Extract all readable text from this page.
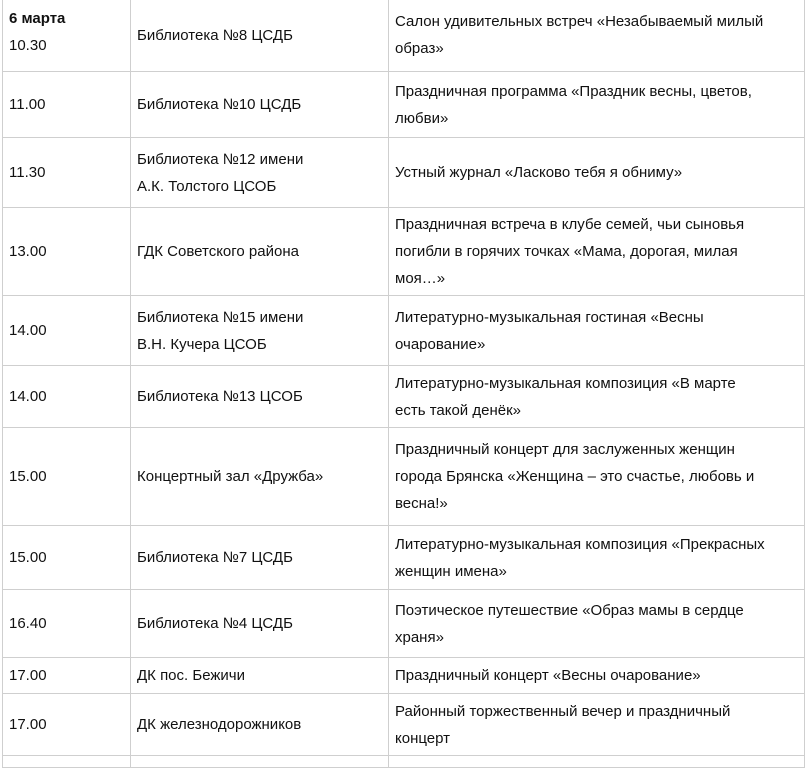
6 марта
10.30	Библиотека №8 ЦСДБ	Салон удивительных встреч «Незабываемый милый
образ»

11.00	Библиотека №10 ЦСДБ	Праздничная программа «Праздник весны, цветов,
любви»

11.30	Библиотека №12 имени
А.К. Толстого ЦСОБ	Устный журнал «Ласково тебя я обниму»

13.00	ГДК Советского района	Праздничная встреча в клубе семей, чьи сыновья
погибли в горячих точках «Мама, дорогая, милая
моя…»

14.00	Библиотека №15 имени
В.Н. Кучера ЦСОБ	Литературно-музыкальная гостиная «Весны
очарование»

14.00	Библиотека №13 ЦСОБ	Литературно-музыкальная композиция «В марте
есть такой денёк»

15.00	Концертный зал «Дружба»	Праздничный концерт для заслуженных женщин
города Брянска «Женщина – это счастье, любовь и
весна!»

15.00	Библиотека №7 ЦСДБ	Литературно-музыкальная композиция «Прекрасных
женщин имена»

16.40	Библиотека №4 ЦСДБ	Поэтическое путешествие «Образ мамы в сердце
храня»

17.00	ДК пос. Бежичи	Праздничный концерт «Весны очарование»

17.00	ДК железнодорожников	Районный торжественный вечер и праздничный
концерт
